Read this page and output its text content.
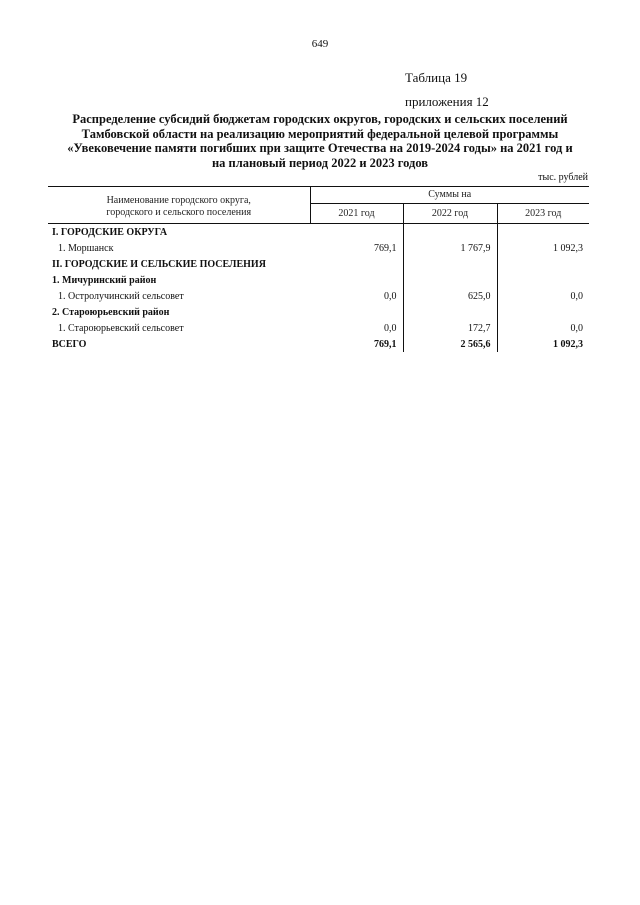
649
Таблица 19
приложения 12
Распределение субсидий бюджетам городских округов, городских и сельских поселений
Тамбовской области на реализацию мероприятий федеральной целевой программы
«Увековечение памяти погибших при защите Отечества на 2019-2024 годы» на 2021 год и
на плановый период 2022 и 2023 годов
тыс. рублей
Наименование городского округа,
городского и сельского поселения	Суммы на		
	2021 год	2022 год	2023 год
I. ГОРОДСКИЕ ОКРУГА			
1. Моршанск	769,1	1 767,9	1 092,3
II. ГОРОДСКИЕ И СЕЛЬСКИЕ ПОСЕЛЕНИЯ			
1. Мичуринский район			
1. Остролучинский сельсовет	0,0	625,0	0,0
2. Староюрьевский район			
1. Староюрьевский сельсовет	0,0	172,7	0,0
ВСЕГО	769,1	2 565,6	1 092,3
